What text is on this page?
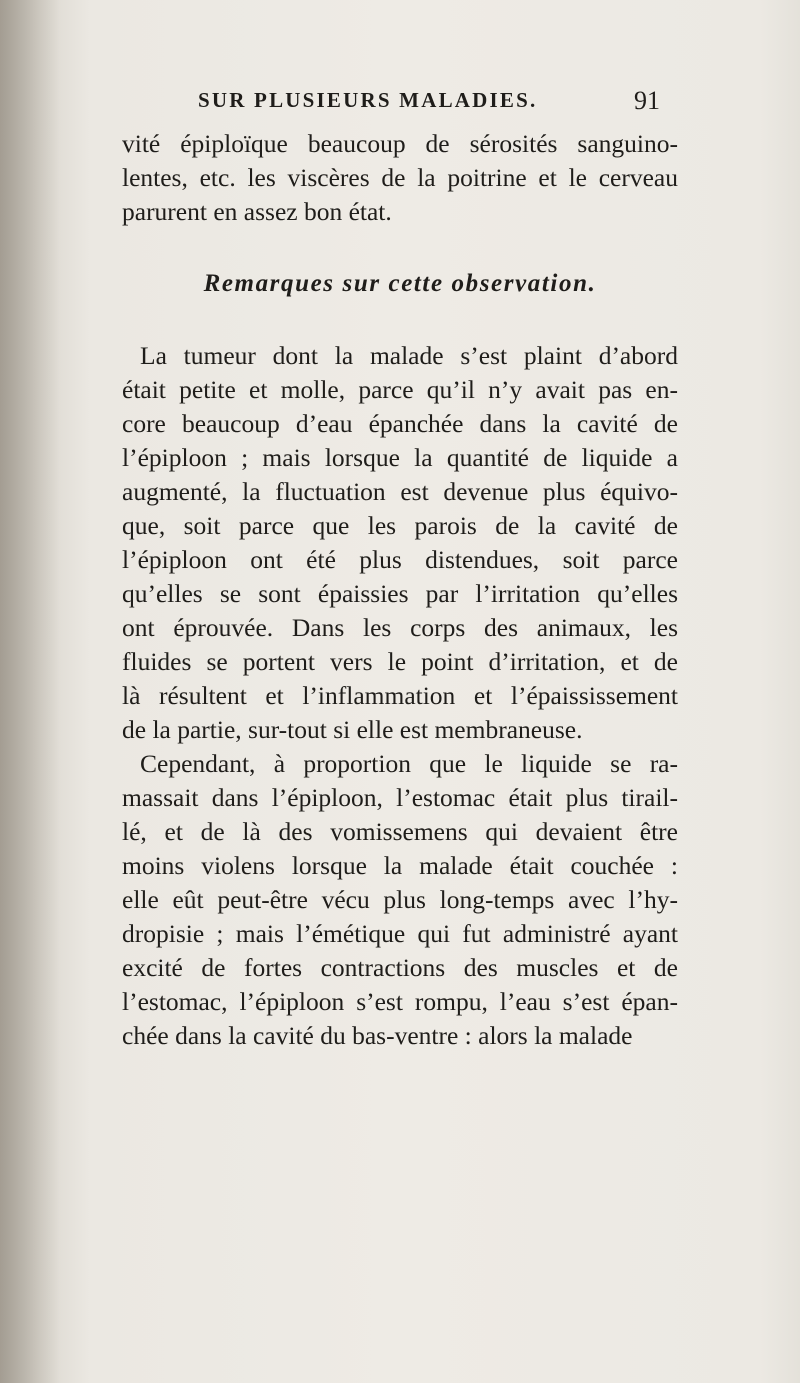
SUR PLUSIEURS MALADIES.	91
vité épiploïque beaucoup de sérosités sanguino-
lentes, etc. les viscères de la poitrine et le cerveau
parurent en assez bon état.
Remarques sur cette observation.
La tumeur dont la malade s’est plaint d’abord
était petite et molle, parce qu’il n’y avait pas en-
core beaucoup d’eau épanchée dans la cavité de
l’épiploon ; mais lorsque la quantité de liquide a
augmenté, la fluctuation est devenue plus équivo-
que, soit parce que les parois de la cavité de
l’épiploon ont été plus distendues, soit parce
qu’elles se sont épaissies par l’irritation qu’elles
ont éprouvée. Dans les corps des animaux, les
fluides se portent vers le point d’irritation, et de
là résultent et l’inflammation et l’épaississement
de la partie, sur-tout si elle est membraneuse.
Cependant, à proportion que le liquide se ra-
massait dans l’épiploon, l’estomac était plus tirail-
lé, et de là des vomissemens qui devaient être
moins violens lorsque la malade était couchée :
elle eût peut-être vécu plus long-temps avec l’hy-
dropisie ; mais l’émétique qui fut administré ayant
excité de fortes contractions des muscles et de
l’estomac, l’épiploon s’est rompu, l’eau s’est épan-
chée dans la cavité du bas-ventre : alors la malade
